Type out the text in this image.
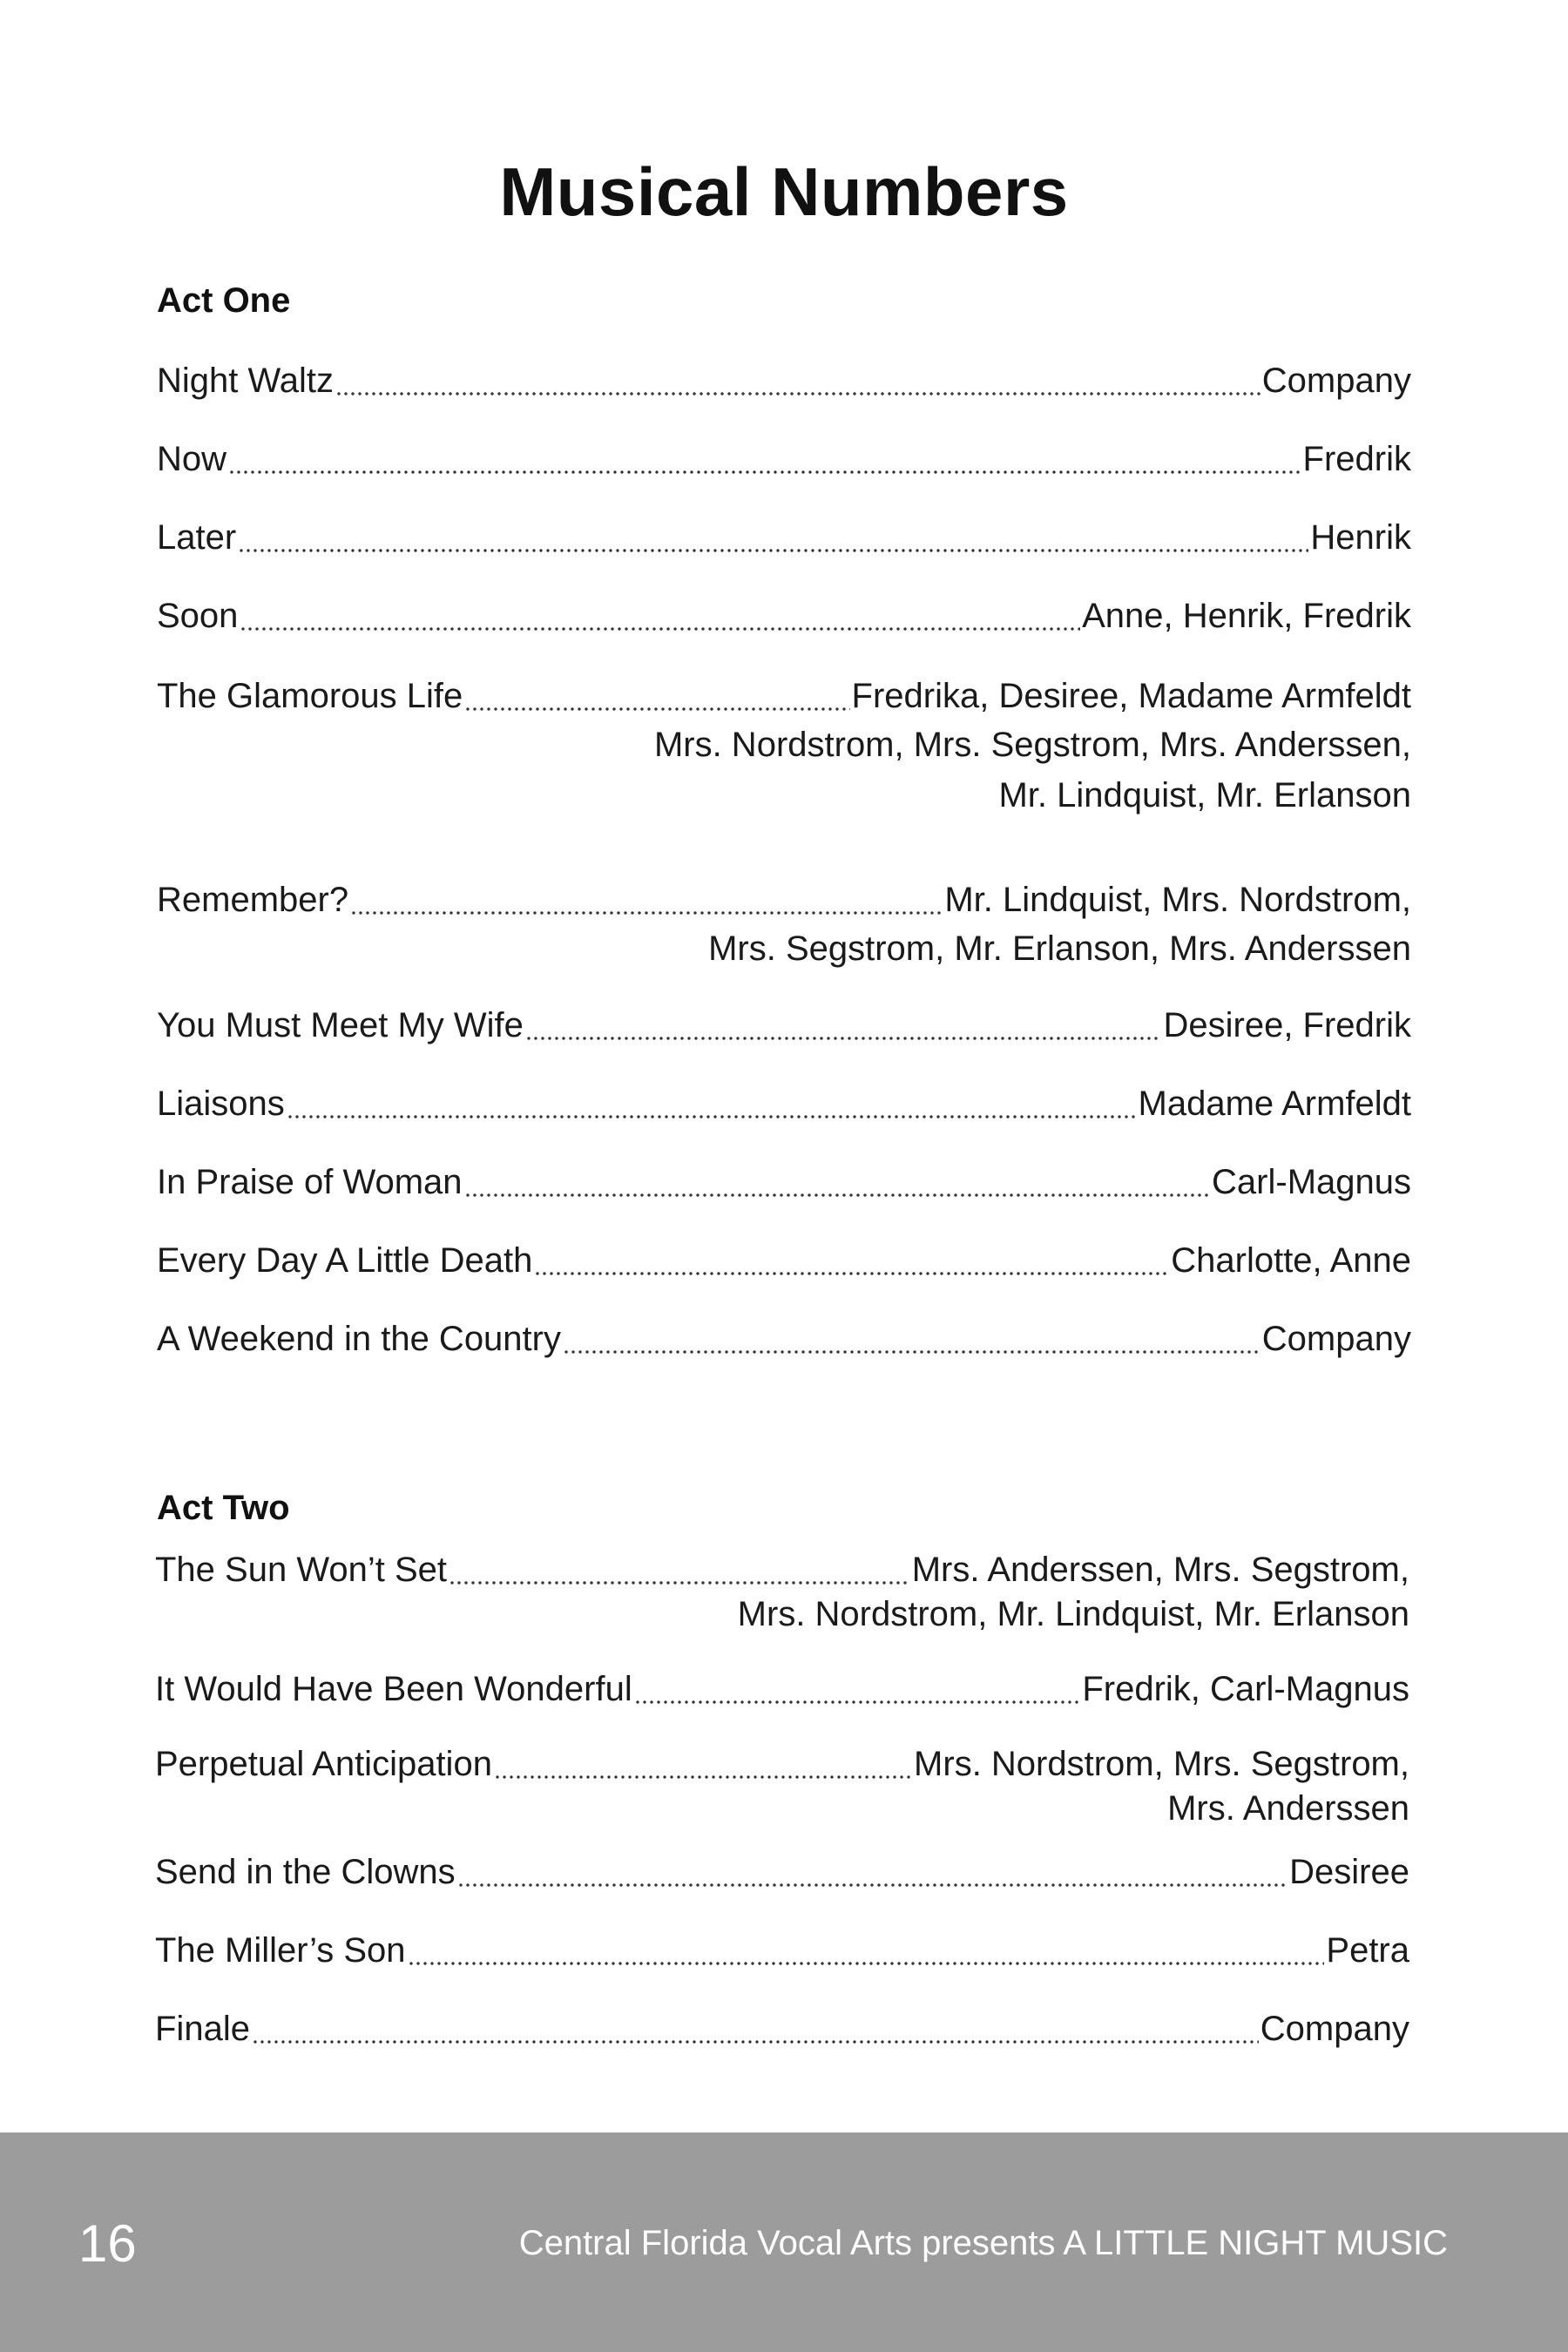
Musical Numbers
Act One
Night Waltz	Company
Now	Fredrik
Later	Henrik
Soon	Anne, Henrik, Fredrik
The Glamorous Life	Fredrika, Desiree, Madame Armfeldt
Mrs. Nordstrom, Mrs. Segstrom, Mrs. Anderssen,
Mr. Lindquist, Mr. Erlanson
Remember?	Mr. Lindquist, Mrs. Nordstrom,
Mrs. Segstrom, Mr. Erlanson, Mrs. Anderssen
You Must Meet My Wife	Desiree, Fredrik
Liaisons	Madame Armfeldt
In Praise of Woman	Carl-Magnus
Every Day A Little Death	Charlotte, Anne
A Weekend in the Country	Company
Act Two
The Sun Won’t Set	Mrs. Anderssen, Mrs. Segstrom,
Mrs. Nordstrom, Mr. Lindquist, Mr. Erlanson
It Would Have Been Wonderful	Fredrik, Carl-Magnus
Perpetual Anticipation	Mrs. Nordstrom, Mrs. Segstrom,
Mrs. Anderssen
Send in the Clowns	Desiree
The Miller’s Son	Petra
Finale	Company
16	Central Florida Vocal Arts presents A LITTLE NIGHT MUSIC
